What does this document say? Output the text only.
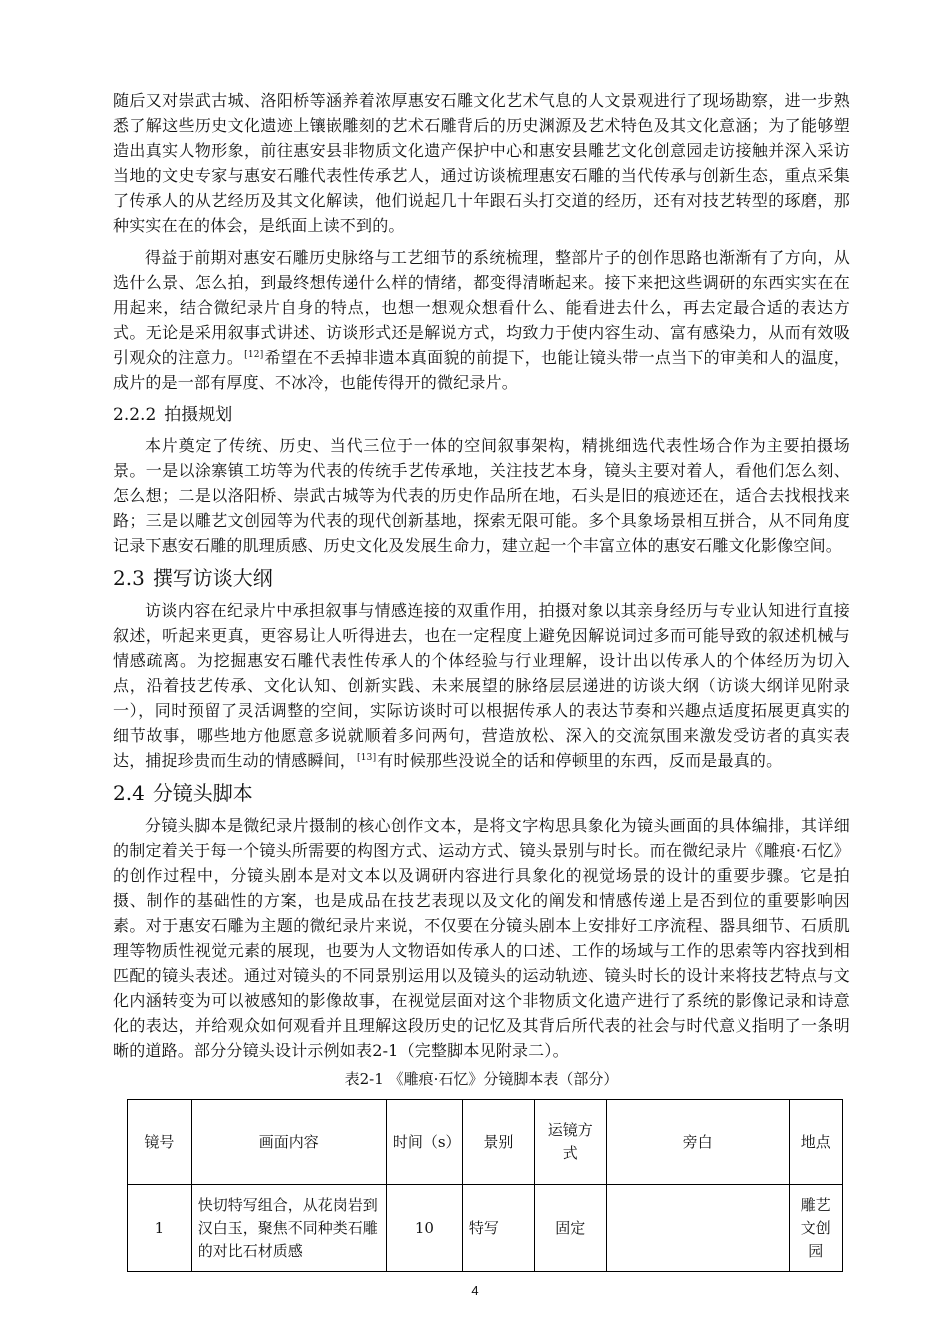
随后又对崇武古城、洛阳桥等涵养着浓厚惠安石雕文化艺术气息的人文景观进行了现场勘察，进一步熟悉了解这些历史文化遗迹上镶嵌雕刻的艺术石雕背后的历史渊源及艺术特色及其文化意涵；为了能够塑造出真实人物形象，前往惠安县非物质文化遗产保护中心和惠安县雕艺文化创意园走访接触并深入采访当地的文史专家与惠安石雕代表性传承艺人，通过访谈梳理惠安石雕的当代传承与创新生态，重点采集了传承人的从艺经历及其文化解读，他们说起几十年跟石头打交道的经历，还有对技艺转型的琢磨，那种实实在在的体会，是纸面上读不到的。

得益于前期对惠安石雕历史脉络与工艺细节的系统梳理，整部片子的创作思路也渐渐有了方向，从选什么景、怎么拍，到最终想传递什么样的情绪，都变得清晰起来。接下来把这些调研的东西实实在在用起来，结合微纪录片自身的特点，也想一想观众想看什么、能看进去什么，再去定最合适的表达方式。无论是采用叙事式讲述、访谈形式还是解说方式，均致力于使内容生动、富有感染力，从而有效吸引观众的注意力。[12]希望在不丢掉非遗本真面貌的前提下，也能让镜头带一点当下的审美和人的温度，成片的是一部有厚度、不冰冷，也能传得开的微纪录片。

2.2.2 拍摄规划

本片奠定了传统、历史、当代三位于一体的空间叙事架构，精挑细选代表性场合作为主要拍摄场景。一是以涂寨镇工坊等为代表的传统手艺传承地，关注技艺本身，镜头主要对着人，看他们怎么刻、怎么想；二是以洛阳桥、崇武古城等为代表的历史作品所在地，石头是旧的痕迹还在，适合去找根找来路；三是以雕艺文创园等为代表的现代创新基地，探索无限可能。多个具象场景相互拼合，从不同角度记录下惠安石雕的肌理质感、历史文化及发展生命力，建立起一个丰富立体的惠安石雕文化影像空间。

2.3 撰写访谈大纲

访谈内容在纪录片中承担叙事与情感连接的双重作用，拍摄对象以其亲身经历与专业认知进行直接叙述，听起来更真，更容易让人听得进去，也在一定程度上避免因解说词过多而可能导致的叙述机械与情感疏离。为挖掘惠安石雕代表性传承人的个体经验与行业理解，设计出以传承人的个体经历为切入点，沿着技艺传承、文化认知、创新实践、未来展望的脉络层层递进的访谈大纲（访谈大纲详见附录一），同时预留了灵活调整的空间，实际访谈时可以根据传承人的表达节奏和兴趣点适度拓展更真实的细节故事，哪些地方他愿意多说就顺着多问两句，营造放松、深入的交流氛围来激发受访者的真实表达，捕捉珍贵而生动的情感瞬间，[13]有时候那些没说全的话和停顿里的东西，反而是最真的。

2.4 分镜头脚本

分镜头脚本是微纪录片摄制的核心创作文本，是将文字构思具象化为镜头画面的具体编排，其详细的制定着关于每一个镜头所需要的构图方式、运动方式、镜头景别与时长。而在微纪录片《雕痕·石忆》的创作过程中，分镜头剧本是对文本以及调研内容进行具象化的视觉场景的设计的重要步骤。它是拍摄、制作的基础性的方案，也是成品在技艺表现以及文化的阐发和情感传递上是否到位的重要影响因素。对于惠安石雕为主题的微纪录片来说，不仅要在分镜头剧本上安排好工序流程、器具细节、石质肌理等物质性视觉元素的展现，也要为人文物语如传承人的口述、工作的场域与工作的思索等内容找到相匹配的镜头表述。通过对镜头的不同景别运用以及镜头的运动轨迹、镜头时长的设计来将技艺特点与文化内涵转变为可以被感知的影像故事，在视觉层面对这个非物质文化遗产进行了系统的影像记录和诗意化的表达，并给观众如何观看并且理解这段历史的记忆及其背后所代表的社会与时代意义指明了一条明晰的道路。部分分镜头设计示例如表2-1（完整脚本见附录二）。

表2-1 《雕痕·石忆》分镜脚本表（部分）
镜号	画面内容	时间（s）	景别	运镜方式	旁白	地点
1	快切特写组合，从花岗岩到汉白玉，聚焦不同种类石雕的对比石材质感	10	特写	固定		雕艺文创园
4
